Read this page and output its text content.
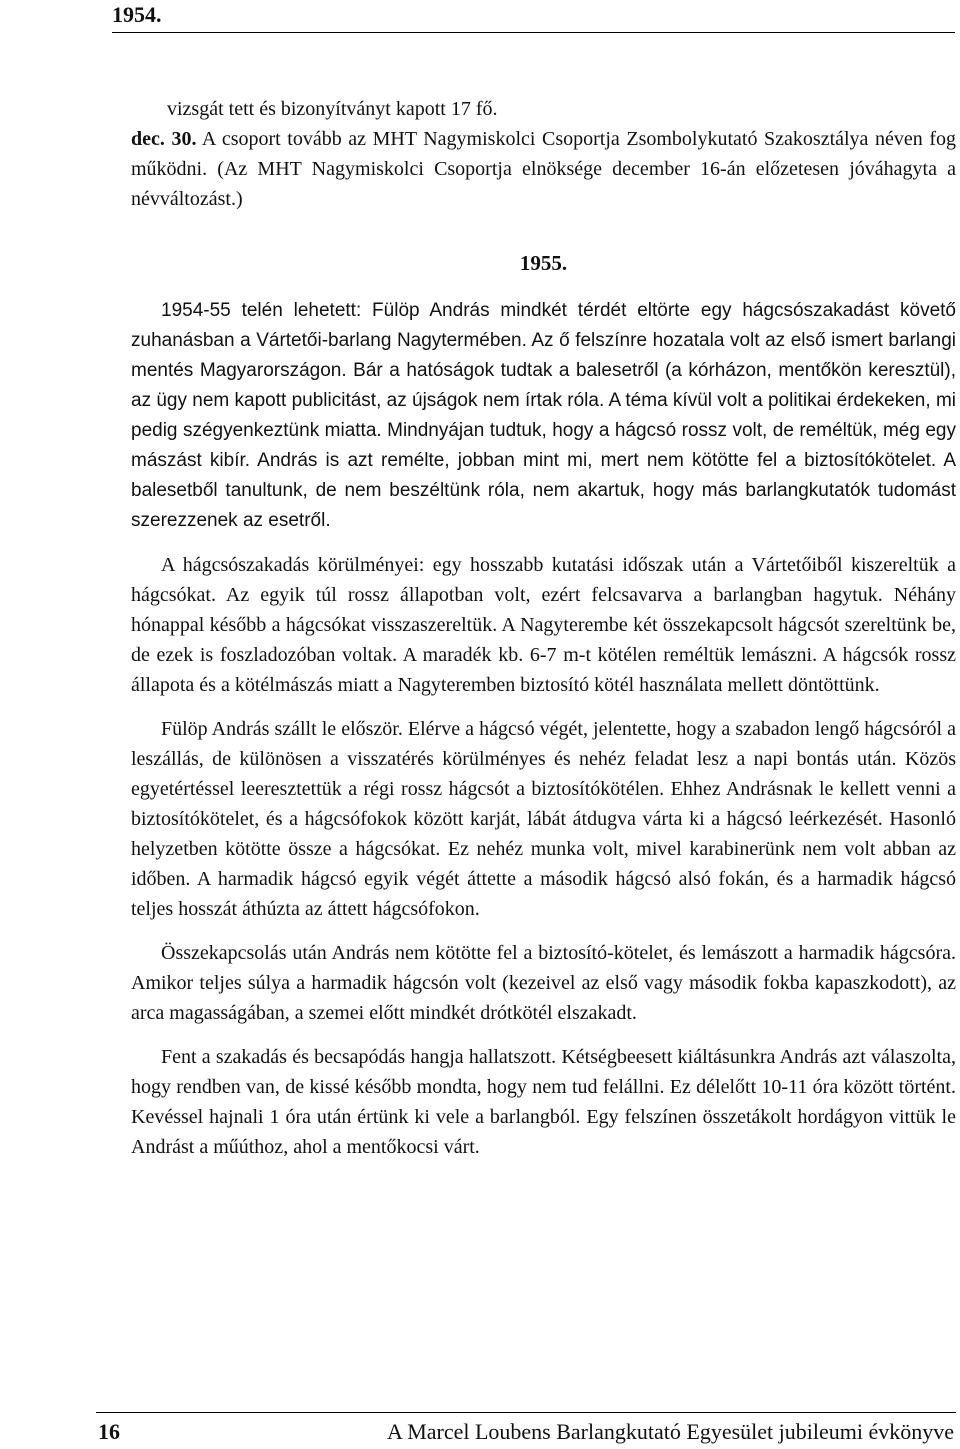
1954.

vizsgát tett és bizonyítványt kapott 17 fő.

dec. 30. A csoport tovább az MHT Nagymiskolci Csoportja Zsombolykutató Szakosztálya néven fog működni. (Az MHT Nagymiskolci Csoportja elnöksége december 16-án előzetesen jóváhagyta a névváltozást.)

1955.

1954-55 telén lehetett: Fülöp András mindkét térdét eltörte egy hágcsószakadást követő zuhanásban a Vártetői-barlang Nagytermében. Az ő felszínre hozatala volt az első ismert barlangi mentés Magyarországon. Bár a hatóságok tudtak a balesetről (a kórházon, mentőkön keresztül), az ügy nem kapott publicitást, az újságok nem írtak róla. A téma kívül volt a politikai érdekeken, mi pedig szégyenkeztünk miatta. Mindnyájan tudtuk, hogy a hágcsó rossz volt, de reméltük, még egy mászást kibír. András is azt remélte, jobban mint mi, mert nem kötötte fel a biztosítókötelet. A balesetből tanultunk, de nem beszéltünk róla, nem akartuk, hogy más barlangkutatók tudomást szerezzenek az esetről.

A hágcsószakadás körülményei: egy hosszabb kutatási időszak után a Vártetőiből kiszereltük a hágcsókat. Az egyik túl rossz állapotban volt, ezért felcsavarva a barlangban hagytuk. Néhány hónappal később a hágcsókat visszaszereltük. A Nagyterembe két összekapcsolt hágcsót szereltünk be, de ezek is foszladozóban voltak. A maradék kb. 6-7 m-t kötélen reméltük lemászni. A hágcsók rossz állapota és a kötélmászás miatt a Nagyteremben biztosító kötél használata mellett döntöttünk.

Fülöp András szállt le először. Elérve a hágcsó végét, jelentette, hogy a szabadon lengő hágcsóról a leszállás, de különösen a visszatérés körülményes és nehéz feladat lesz a napi bontás után. Közös egyetértéssel leeresztettük a régi rossz hágcsót a biztosítókötélen. Ehhez Andrásnak le kellett venni a biztosítókötelet, és a hágcsófokok között karját, lábát átdugva várta ki a hágcsó leérkezését. Hasonló helyzetben kötötte össze a hágcsókat. Ez nehéz munka volt, mivel karabinerünk nem volt abban az időben. A harmadik hágcsó egyik végét áttette a második hágcsó alsó fokán, és a harmadik hágcsó teljes hosszát áthúzta az áttett hágcsófokon.

Összekapcsolás után András nem kötötte fel a biztosító-kötelet, és lemászott a harmadik hágcsóra. Amikor teljes súlya a harmadik hágcsón volt (kezeivel az első vagy második fokba kapaszkodott), az arca magasságában, a szemei előtt mindkét drótkötél elszakadt.

Fent a szakadás és becsapódás hangja hallatszott. Kétségbeesett kiáltásunkra András azt válaszolta, hogy rendben van, de kissé később mondta, hogy nem tud felállni. Ez délelőtt 10-11 óra között történt. Kevéssel hajnali 1 óra után értünk ki vele a barlangból. Egy felszínen összetákolt hordágyon vittük le Andrást a műúthoz, ahol a mentőkocsi várt.

16	A Marcel Loubens Barlangkutató Egyesület jubileumi évkönyve
